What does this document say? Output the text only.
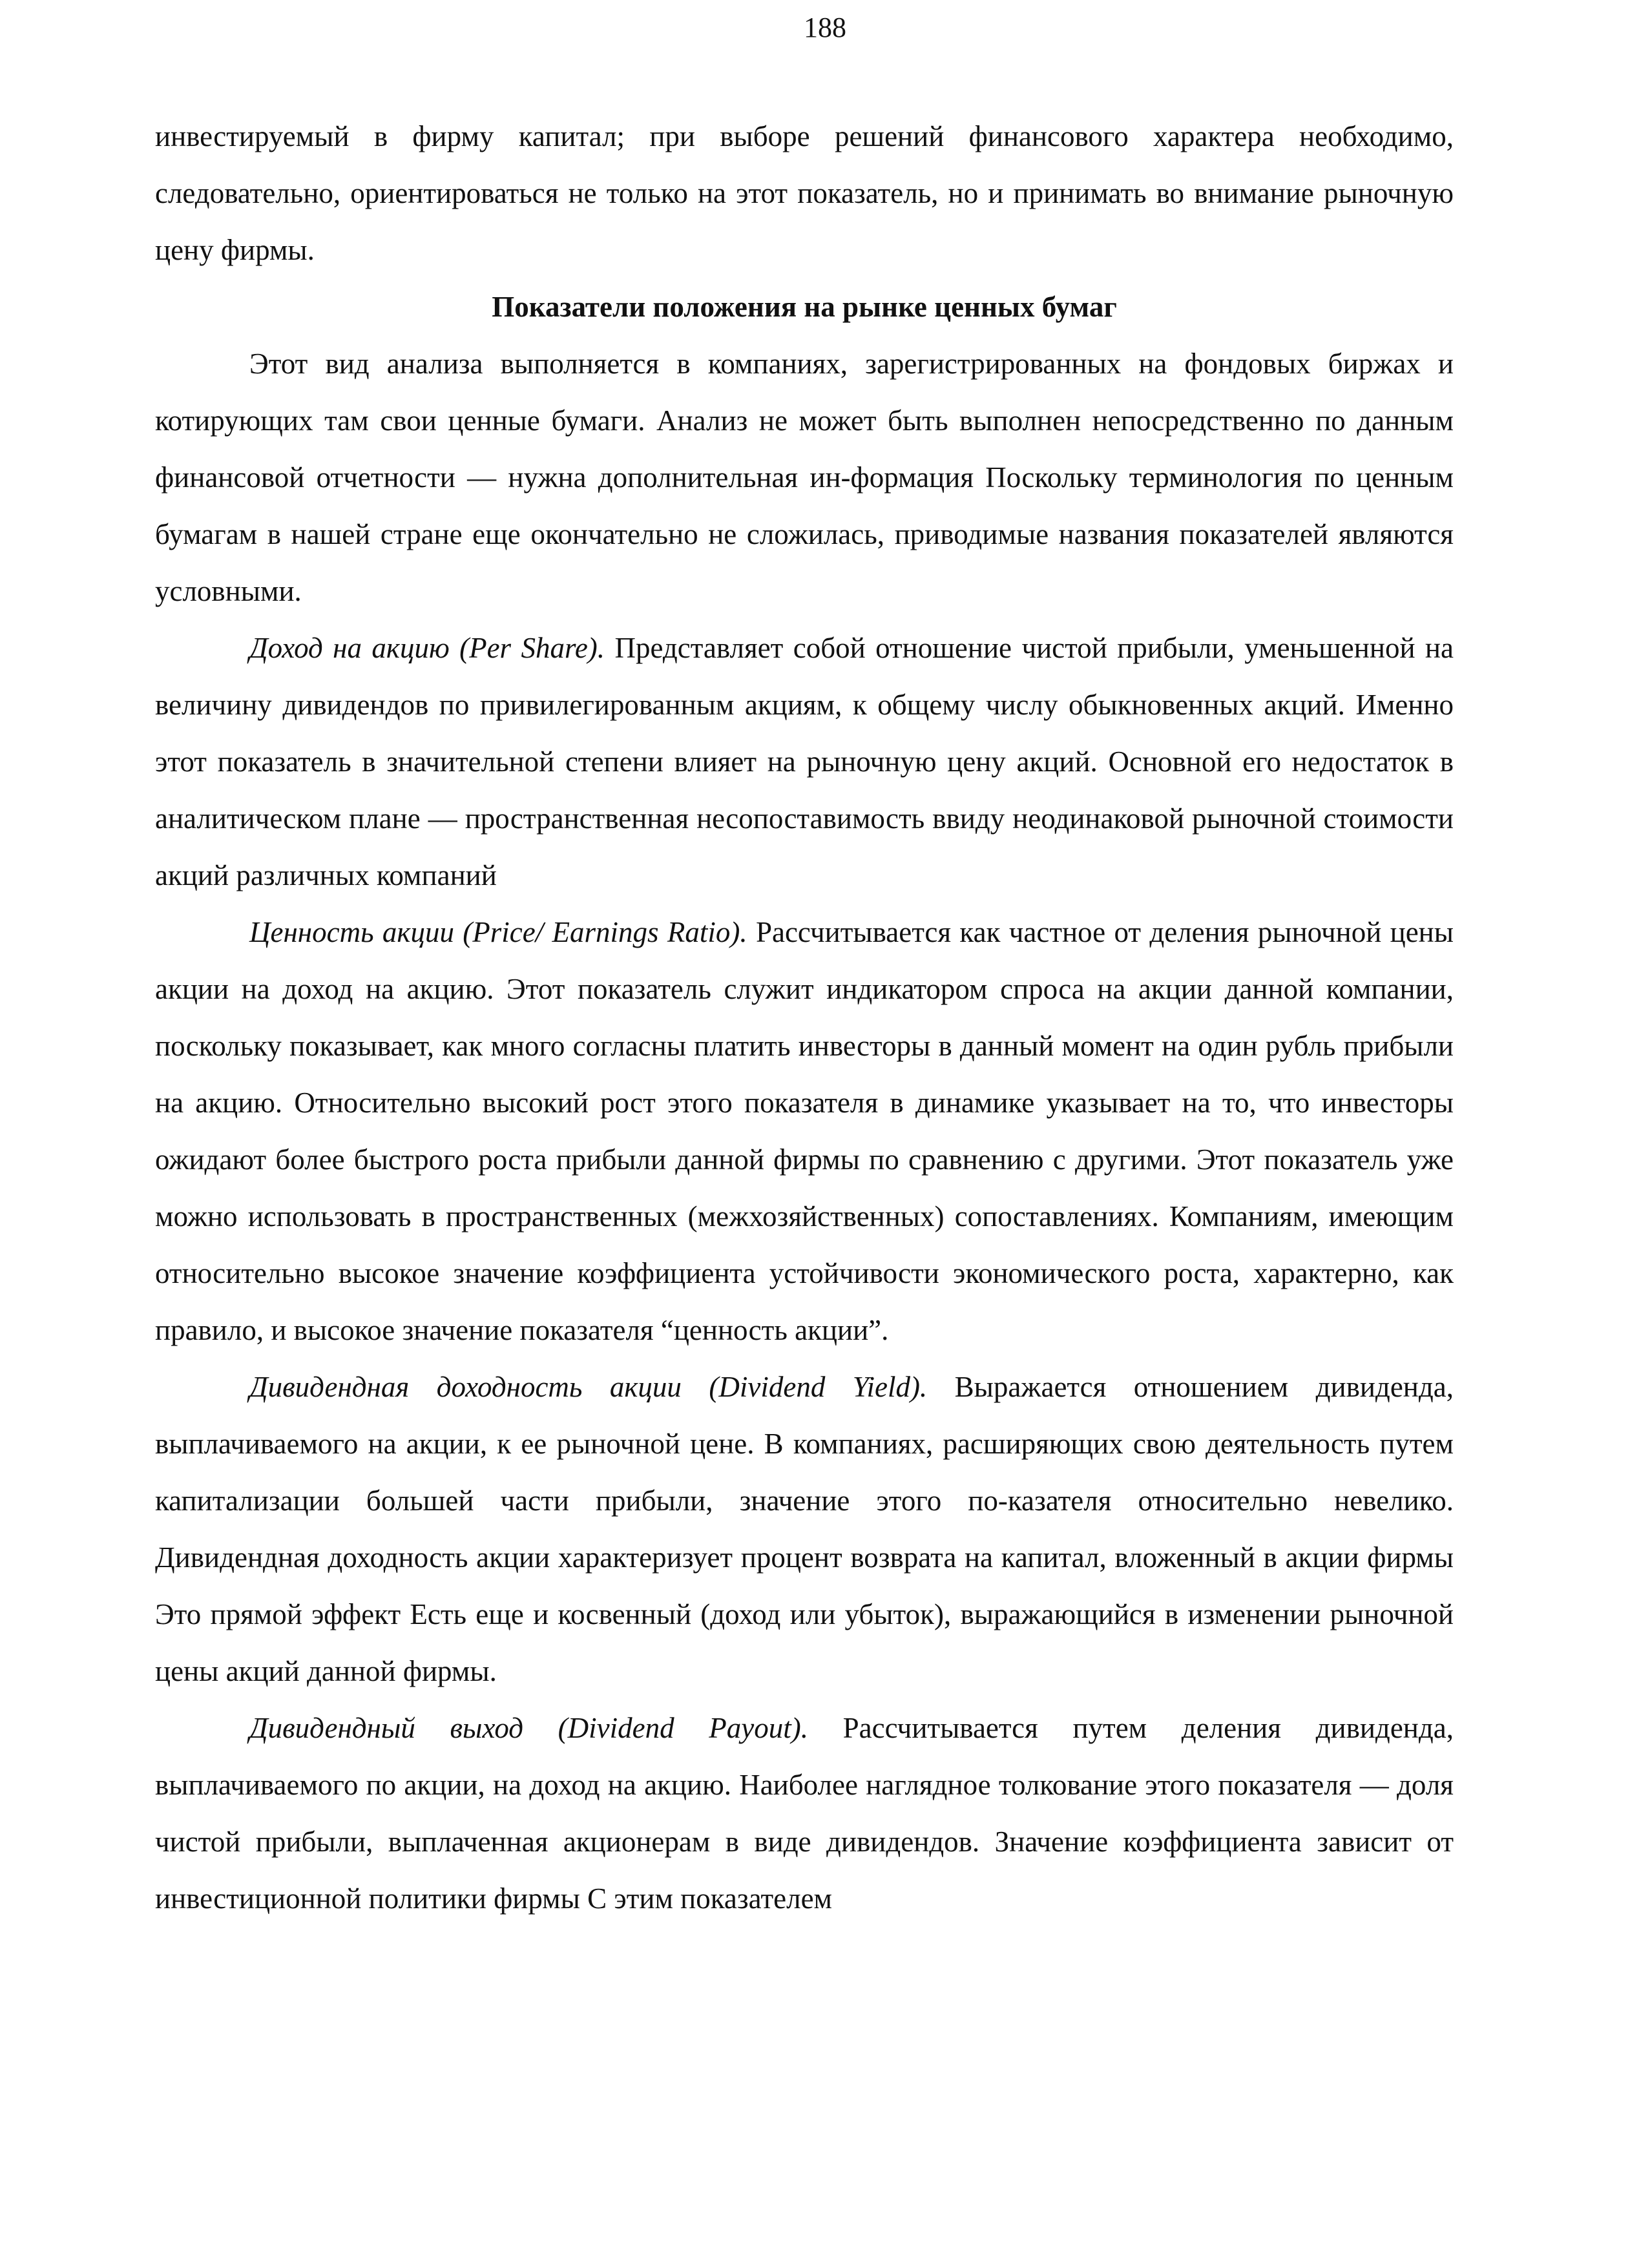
188

инвестируемый в фирму капитал; при выборе решений финансового характера необходимо, следовательно, ориентироваться не только на этот показатель, но и принимать во внимание рыночную цену фирмы.

Показатели положения на рынке ценных бумаг

Этот вид анализа выполняется в компаниях, зарегистрированных на фондовых биржах и котирующих там свои ценные бумаги. Анализ не может быть выполнен непосредственно по данным финансовой отчетности — нужна дополнительная ин-формация Поскольку терминология по ценным бумагам в нашей стране еще окончательно не сложилась, приводимые названия показателей являются условными.

Доход на акцию (Per Share). Представляет собой отношение чистой прибыли, уменьшенной на величину дивидендов по привилегированным акциям, к общему числу обыкновенных акций. Именно этот показатель в значительной степени влияет на рыночную цену акций. Основной его недостаток в аналитическом плане — пространственная несопоставимость ввиду неодинаковой рыночной стоимости акций различных компаний

Ценность акции (Price/ Earnings Ratio). Рассчитывается как частное от деления рыночной цены акции на доход на акцию. Этот показатель служит индикатором спроса на акции данной компании, поскольку показывает, как много согласны платить инвесторы в данный момент на один рубль прибыли на акцию. Относительно высокий рост этого показателя в динамике указывает на то, что инвесторы ожидают более быстрого роста прибыли данной фирмы по сравнению с другими. Этот показатель уже можно использовать в пространственных (межхозяйственных) сопоставлениях. Компаниям, имеющим относительно высокое значение коэффициента устойчивости экономического роста, характерно, как правило, и высокое значение показателя “ценность акции”.

Дивидендная доходность акции (Dividend Yield). Выражается отношением дивиденда, выплачиваемого на акции, к ее рыночной цене. В компаниях, расширяющих свою деятельность путем капитализации большей части прибыли, значение этого по-казателя относительно невелико. Дивидендная доходность акции характеризует процент возврата на капитал, вложенный в акции фирмы Это прямой эффект Есть еще и косвенный (доход или убыток), выражающийся в изменении рыночной цены акций данной фирмы.

Дивидендный выход (Dividend Payout). Рассчитывается путем деления дивиденда, выплачиваемого по акции, на доход на акцию. Наиболее наглядное толкование этого показателя — доля чистой прибыли, выплаченная акционерам в виде дивидендов. Значение коэффициента зависит от инвестиционной политики фирмы С этим показателем
